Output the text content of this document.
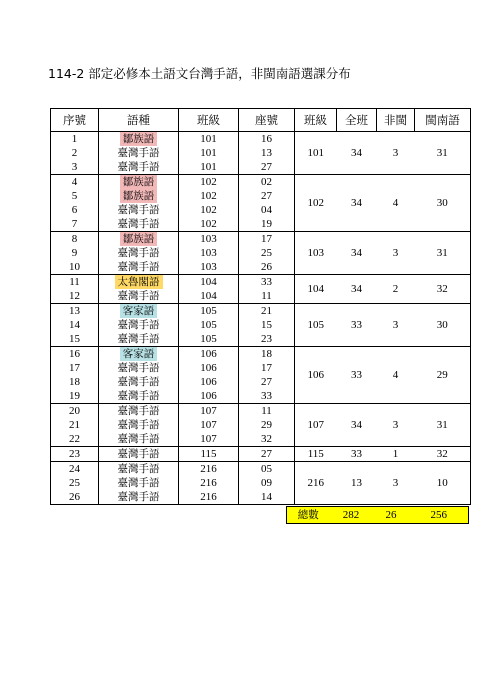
114-2 部定必修本土語文台灣手語，非閩南語選課分布
序號	語種	班級	座號	班級	全班	非閩	閩南語
1	鄒族語	101	16	101	34	3	31
2	臺灣手語	101	13				
3	臺灣手語	101	27				
4	鄒族語	102	02	102	34	4	30
5	鄒族語	102	27				
6	臺灣手語	102	04				
7	臺灣手語	102	19				
8	鄒族語	103	17	103	34	3	31
9	臺灣手語	103	25				
10	臺灣手語	103	26				
11	太魯閣語	104	33	104	34	2	32
12	臺灣手語	104	11				
13	客家語	105	21	105	33	3	30
14	臺灣手語	105	15				
15	臺灣手語	105	23				
16	客家語	106	18	106	33	4	29
17	臺灣手語	106	17				
18	臺灣手語	106	27				
19	臺灣手語	106	33				
20	臺灣手語	107	11	107	34	3	31
21	臺灣手語	107	29				
22	臺灣手語	107	32				
23	臺灣手語	115	27	115	33	1	32
24	臺灣手語	216	05	216	13	3	10
25	臺灣手語	216	09				
26	臺灣手語	216	14				
				總數	282	26	256
